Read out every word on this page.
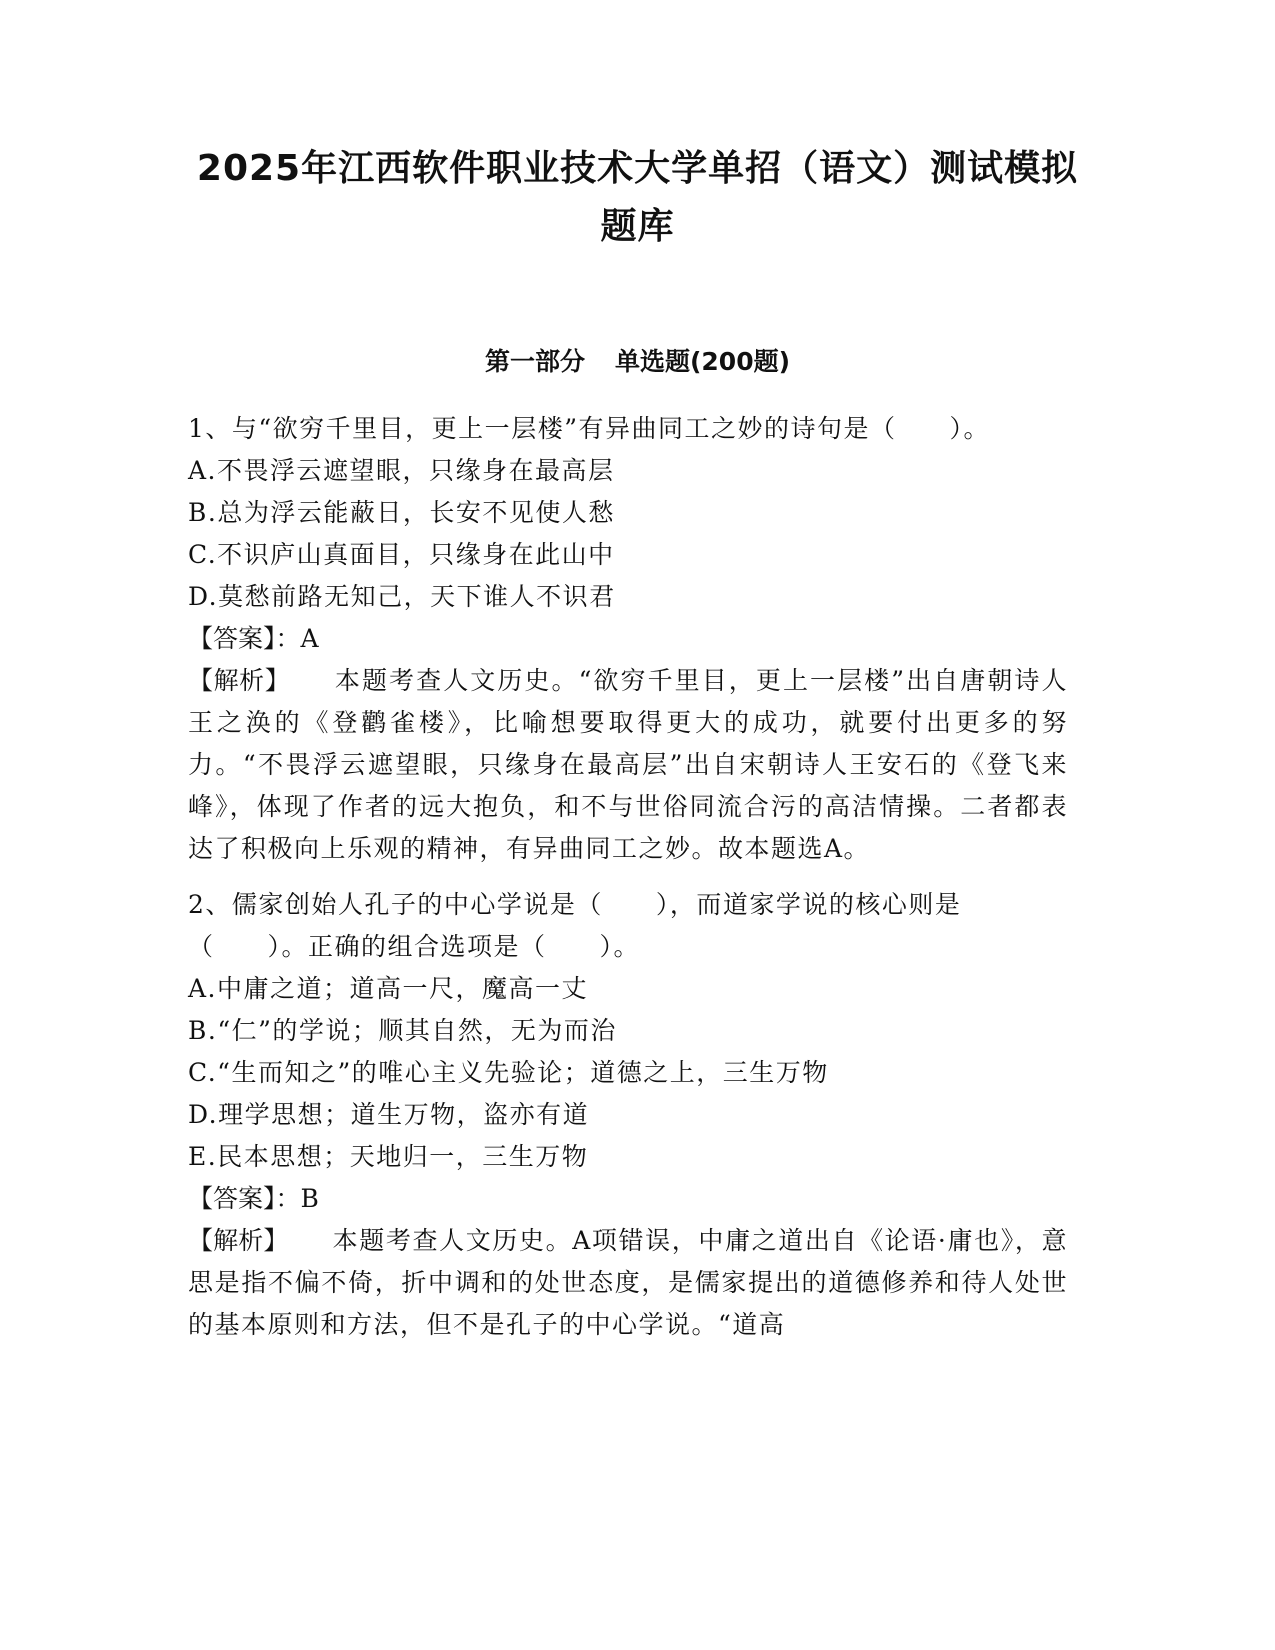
2025年江西软件职业技术大学单招（语文）测试模拟
题库
第一部分 单选题(200题)

1、与“欲穷千里目，更上一层楼”有异曲同工之妙的诗句是（　　）。

A.不畏浮云遮望眼，只缘身在最高层

B.总为浮云能蔽日，长安不见使人愁

C.不识庐山真面目，只缘身在此山中

D.莫愁前路无知己，天下谁人不识君

【答案】：A

【解析】 本题考查人文历史。“欲穷千里目，更上一层楼”出自唐朝诗人王之涣的《登鹳雀楼》，比喻想要取得更大的成功，就要付出更多的努力。“不畏浮云遮望眼，只缘身在最高层”出自宋朝诗人王安石的《登飞来峰》，体现了作者的远大抱负，和不与世俗同流合污的高洁情操。二者都表达了积极向上乐观的精神，有异曲同工之妙。故本题选A。

2、儒家创始人孔子的中心学说是（　　），而道家学说的核心则是（　　）。正确的组合选项是（　　）。

A.中庸之道；道高一尺，魔高一丈

B.“仁”的学说；顺其自然，无为而治

C.“生而知之”的唯心主义先验论；道德之上，三生万物

D.理学思想；道生万物，盗亦有道

E.民本思想；天地归一，三生万物

【答案】：B

【解析】 本题考查人文历史。A项错误，中庸之道出自《论语·庸也》，意思是指不偏不倚，折中调和的处世态度，是儒家提出的道德修养和待人处世的基本原则和方法，但不是孔子的中心学说。“道高
